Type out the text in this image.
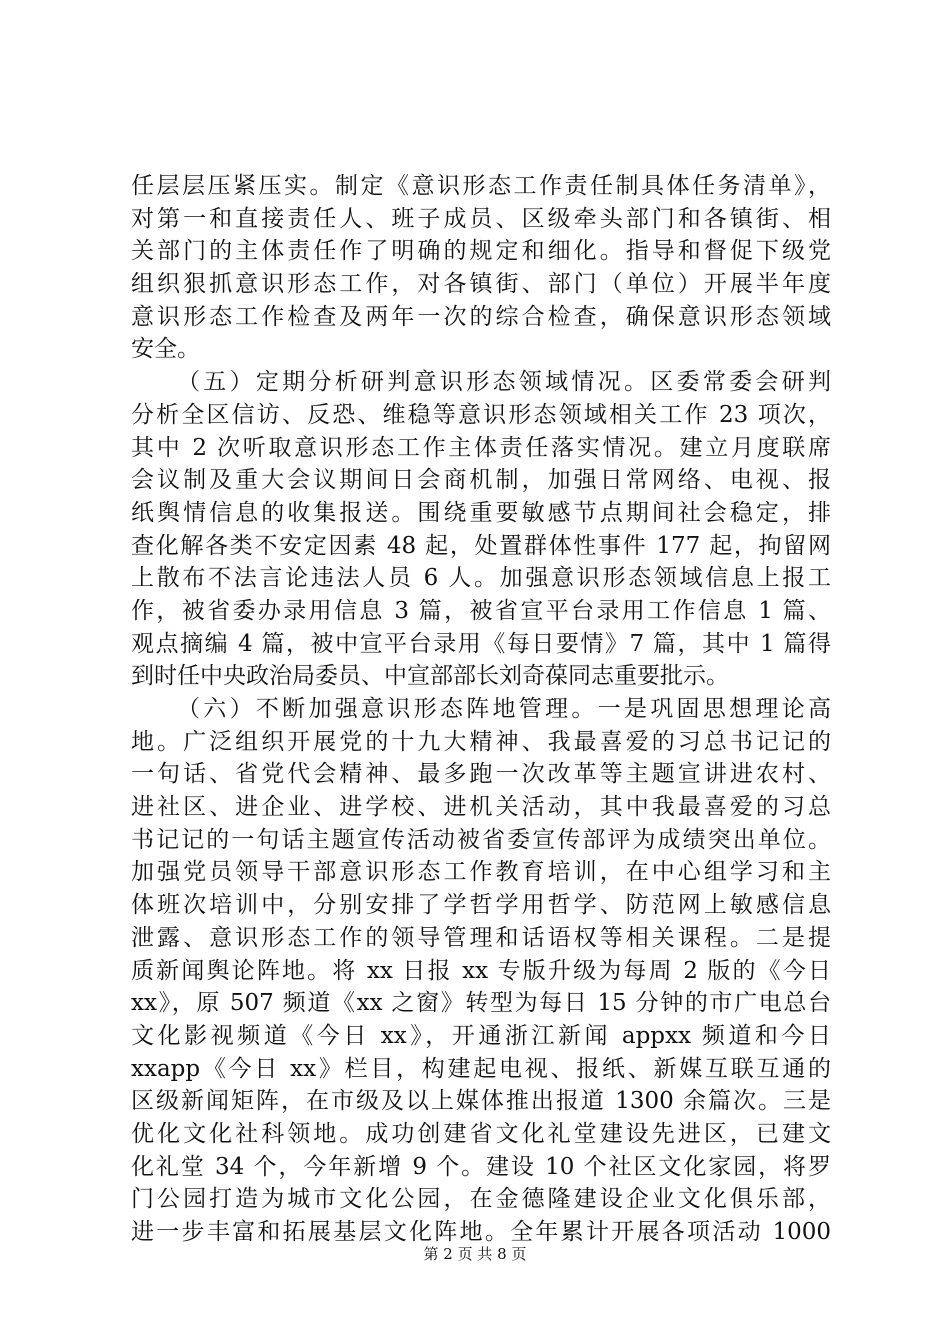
任层层压紧压实。制定《意识形态工作责任制具体任务清单》，
对第一和直接责任人、班子成员、区级牵头部门和各镇街、相
关部门的主体责任作了明确的规定和细化。指导和督促下级党
组织狠抓意识形态工作，对各镇街、部门（单位）开展半年度
意识形态工作检查及两年一次的综合检查，确保意识形态领域
安全。
（五）定期分析研判意识形态领域情况。区委常委会研判
分析全区信访、反恐、维稳等意识形态领域相关工作 23 项次，
其中 2 次听取意识形态工作主体责任落实情况。建立月度联席
会议制及重大会议期间日会商机制，加强日常网络、电视、报
纸舆情信息的收集报送。围绕重要敏感节点期间社会稳定，排
查化解各类不安定因素 48 起，处置群体性事件 177 起，拘留网
上散布不法言论违法人员 6 人。加强意识形态领域信息上报工
作，被省委办录用信息 3 篇，被省宣平台录用工作信息 1 篇、
观点摘编 4 篇，被中宣平台录用《每日要情》7 篇，其中 1 篇得
到时任中央政治局委员、中宣部部长刘奇葆同志重要批示。
（六）不断加强意识形态阵地管理。一是巩固思想理论高
地。广泛组织开展党的十九大精神、我最喜爱的习总书记记的
一句话、省党代会精神、最多跑一次改革等主题宣讲进农村、
进社区、进企业、进学校、进机关活动，其中我最喜爱的习总
书记记的一句话主题宣传活动被省委宣传部评为成绩突出单位。
加强党员领导干部意识形态工作教育培训，在中心组学习和主
体班次培训中，分别安排了学哲学用哲学、防范网上敏感信息
泄露、意识形态工作的领导管理和话语权等相关课程。二是提
质新闻舆论阵地。将 xx 日报 xx 专版升级为每周 2 版的《今日
xx》，原 507 频道《xx 之窗》转型为每日 15 分钟的市广电总台
文化影视频道《今日 xx》，开通浙江新闻 appxx 频道和今日
xxapp《今日 xx》栏目，构建起电视、报纸、新媒互联互通的
区级新闻矩阵，在市级及以上媒体推出报道 1300 余篇次。三是
优化文化社科领地。成功创建省文化礼堂建设先进区，已建文
化礼堂 34 个，今年新增 9 个。建设 10 个社区文化家园，将罗
门公园打造为城市文化公园，在金德隆建设企业文化俱乐部，
进一步丰富和拓展基层文化阵地。全年累计开展各项活动 1000
第 2 页 共 8 页
